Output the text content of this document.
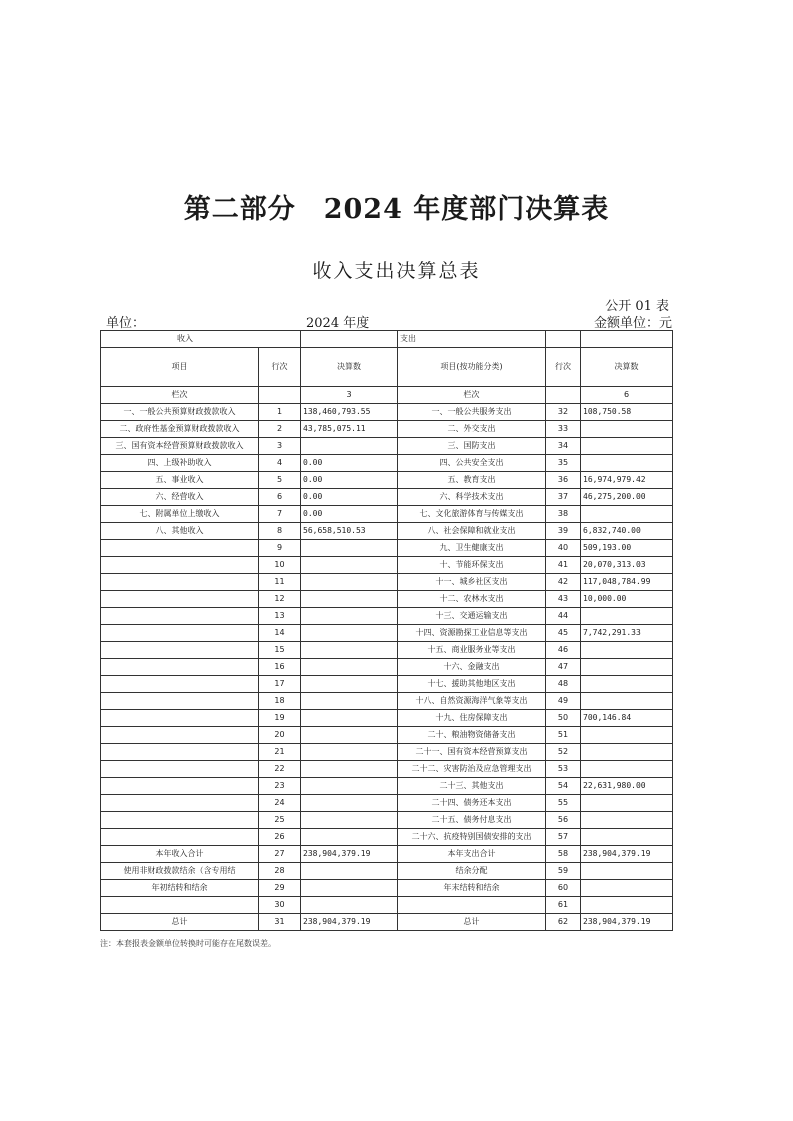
第二部分　2024 年度部门决算表
收入支出决算总表
公开 01 表
单位：	2024 年度	金额单位：元
收入			支出		
项目	行次	决算数	项目(按功能分类)	行次	决算数
栏次		3	栏次		6
一、一般公共预算财政拨款收入	1	138,460,793.55	一、一般公共服务支出	32	108,750.58
二、政府性基金预算财政拨款收入	2	43,785,075.11	二、外交支出	33	
三、国有资本经营预算财政拨款收入	3		三、国防支出	34	
四、上级补助收入	4	0.00	四、公共安全支出	35	
五、事业收入	5	0.00	五、教育支出	36	16,974,979.42
六、经营收入	6	0.00	六、科学技术支出	37	46,275,200.00
七、附属单位上缴收入	7	0.00	七、文化旅游体育与传媒支出	38	
八、其他收入	8	56,658,510.53	八、社会保障和就业支出	39	6,832,740.00
	9		九、卫生健康支出	40	509,193.00
	10		十、节能环保支出	41	20,070,313.03
	11		十一、城乡社区支出	42	117,048,784.99
	12		十二、农林水支出	43	10,000.00
	13		十三、交通运输支出	44	
	14		十四、资源勘探工业信息等支出	45	7,742,291.33
	15		十五、商业服务业等支出	46	
	16		十六、金融支出	47	
	17		十七、援助其他地区支出	48	
	18		十八、自然资源海洋气象等支出	49	
	19		十九、住房保障支出	50	700,146.84
	20		二十、粮油物资储备支出	51	
	21		二十一、国有资本经营预算支出	52	
	22		二十二、灾害防治及应急管理支出	53	
	23		二十三、其他支出	54	22,631,980.00
	24		二十四、债务还本支出	55	
	25		二十五、债务付息支出	56	
	26		二十六、抗疫特别国债安排的支出	57	
本年收入合计	27	238,904,379.19	本年支出合计	58	238,904,379.19
使用非财政拨款结余（含专用结	28		结余分配	59	
年初结转和结余	29		年末结转和结余	60	
	30			61	
总计	31	238,904,379.19	总计	62	238,904,379.19
注：本套报表金额单位转换时可能存在尾数误差。
